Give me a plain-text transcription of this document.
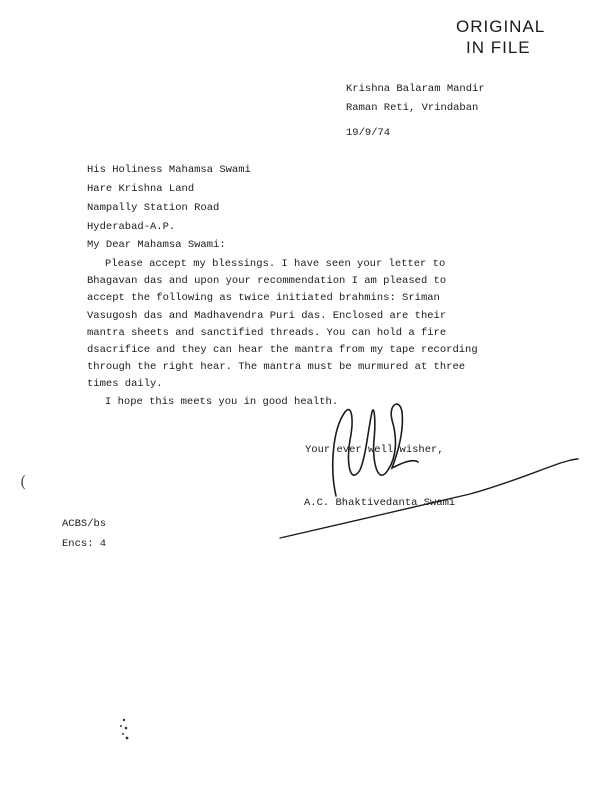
ORIGINAL
IN FILE
Krishna Balaram Mandir
Raman Reti, Vrindaban
19/9/74
His Holiness Mahamsa Swami
Hare Krishna Land
Nampally Station Road
Hyderabad-A.P.
My Dear Mahamsa Swami:

Please accept my blessings. I have seen your letter to Bhagavan das and upon your recommendation I am pleased to accept the following as twice initiated brahmins: Sriman Vasugosh das and Madhavendra Puri das. Enclosed are their mantra sheets and sanctified threads. You can hold a fire dsacrifice and they can hear the mantra from my tape recording through the right hear. The mantra must be murmured at three times daily.

I hope this meets you in good health.

Your ever well wisher,
A.C. Bhaktivedanta Swami
ACBS/bs
Encs: 4
(
